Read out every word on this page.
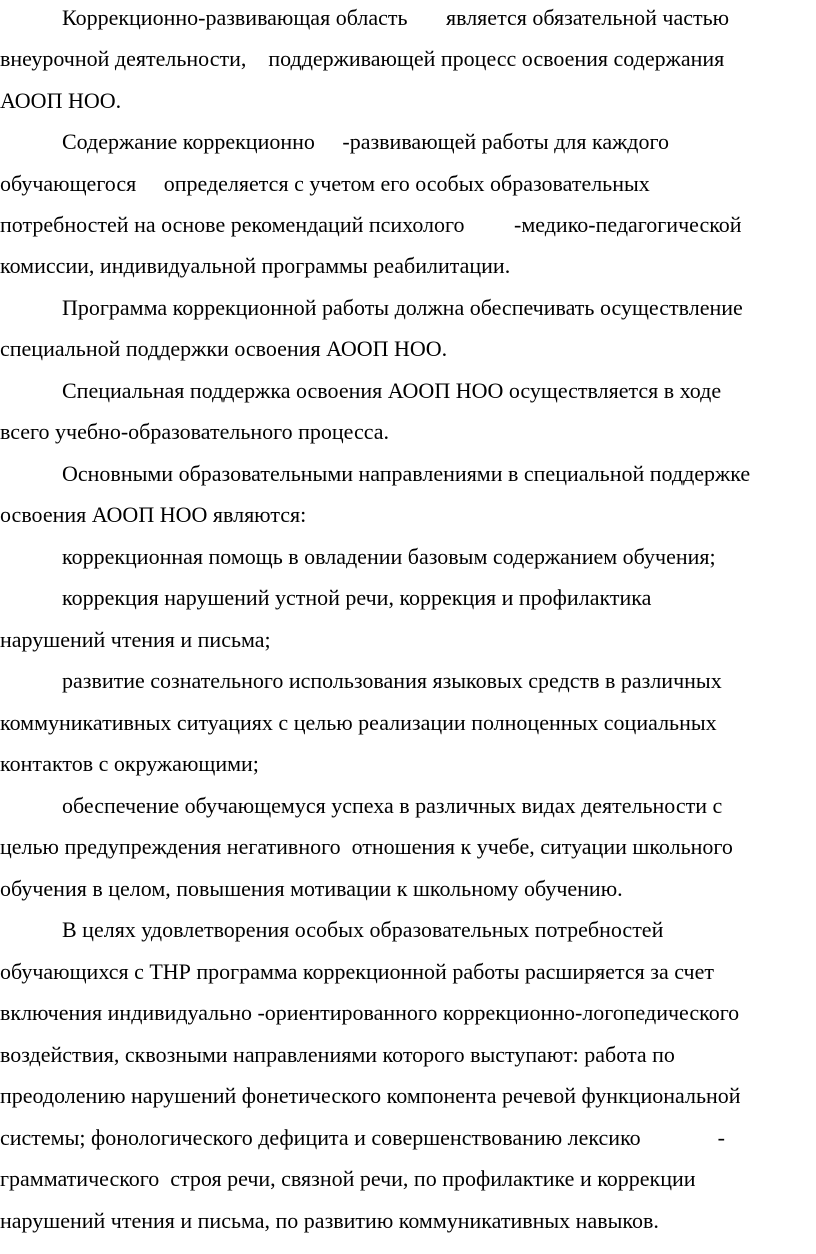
Коррекционно-развивающая область       является обязательной частью
внеурочной деятельности,    поддерживающей процесс освоения содержания
АООП НОО.
Содержание коррекционно     -развивающей работы для каждого
обучающегося     определяется с учетом его особых образовательных
потребностей на основе рекомендаций психолого         -медико-педагогической
комиссии, индивидуальной программы реабилитации.
Программа коррекционной работы должна обеспечивать осуществление
специальной поддержки освоения АООП НОО.
Специальная поддержка освоения АООП НОО осуществляется в ходе
всего учебно-образовательного процесса.
Основными образовательными направлениями в специальной поддержке
освоения АООП НОО являются:
коррекционная помощь в овладении базовым содержанием обучения;
коррекция нарушений устной речи, коррекция и профилактика
нарушений чтения и письма;
развитие сознательного использования языковых средств в различных
коммуникативных ситуациях с целью реализации полноценных социальных
контактов с окружающими;
обеспечение обучающемуся успеха в различных видах деятельности с
целью предупреждения негативного  отношения к учебе, ситуации школьного
обучения в целом, повышения мотивации к школьному обучению.
В целях удовлетворения особых образовательных потребностей
обучающихся с ТНР программа коррекционной работы расширяется за счет
включения индивидуально -ориентированного коррекционно-логопедического
воздействия, сквозными направлениями которого выступают: работа по
преодолению нарушений фонетического компонента речевой функциональной
системы; фонологического дефицита и совершенствованию лексико              -
грамматического  строя речи, связной речи, по профилактике и коррекции
нарушений чтения и письма, по развитию коммуникативных навыков.
